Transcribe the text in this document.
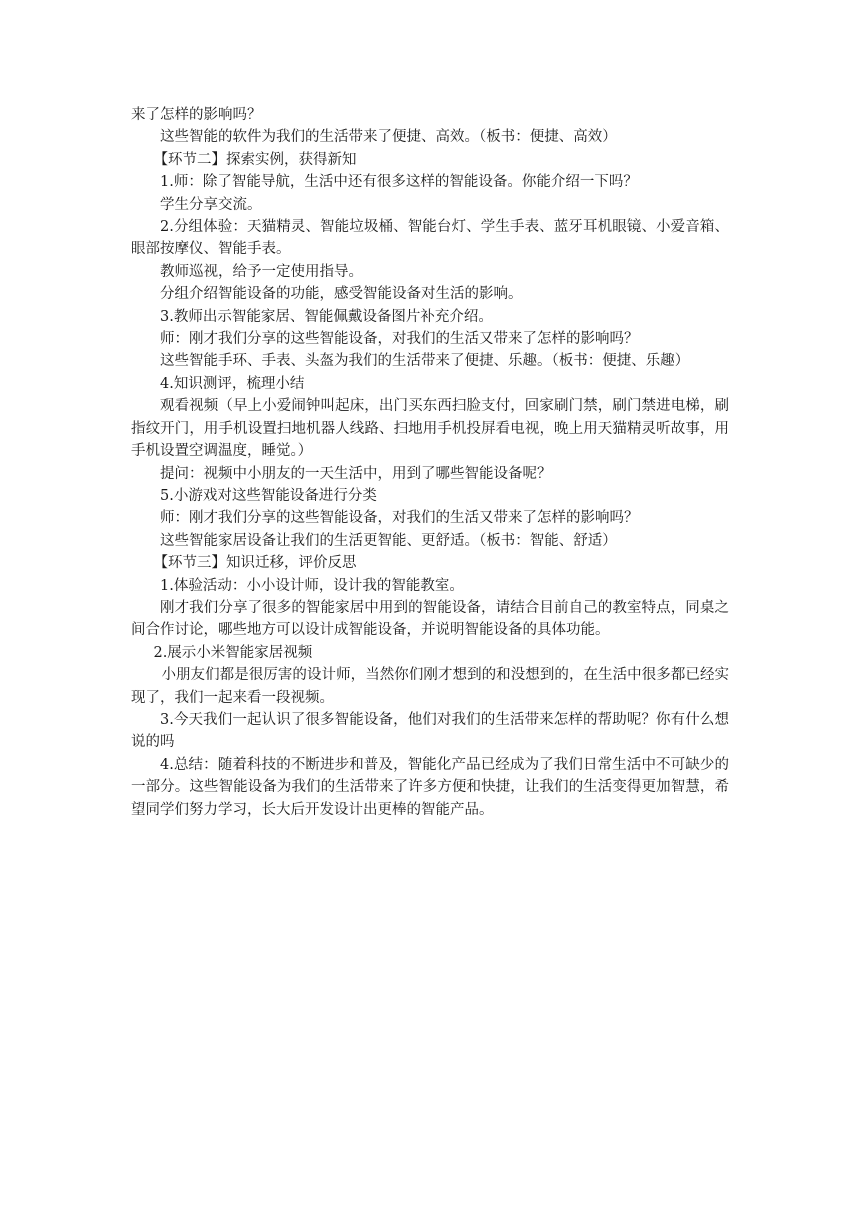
来了怎样的影响吗？

这些智能的软件为我们的生活带来了便捷、高效。（板书：便捷、高效）

【环节二】探索实例，获得新知

1.师：除了智能导航，生活中还有很多这样的智能设备。你能介绍一下吗？

学生分享交流。

2.分组体验：天猫精灵、智能垃圾桶、智能台灯、学生手表、蓝牙耳机眼镜、小爱音箱、眼部按摩仪、智能手表。

教师巡视，给予一定使用指导。

分组介绍智能设备的功能，感受智能设备对生活的影响。

3.教师出示智能家居、智能佩戴设备图片补充介绍。

师：刚才我们分享的这些智能设备，对我们的生活又带来了怎样的影响吗？

这些智能手环、手表、头盔为我们的生活带来了便捷、乐趣。（板书：便捷、乐趣）

4.知识测评，梳理小结

观看视频（早上小爱闹钟叫起床，出门买东西扫脸支付，回家刷门禁，刷门禁进电梯，刷指纹开门，用手机设置扫地机器人线路、扫地用手机投屏看电视，晚上用天猫精灵听故事，用手机设置空调温度，睡觉。）

提问：视频中小朋友的一天生活中，用到了哪些智能设备呢？

5.小游戏对这些智能设备进行分类

师：刚才我们分享的这些智能设备，对我们的生活又带来了怎样的影响吗？

这些智能家居设备让我们的生活更智能、更舒适。（板书：智能、舒适）

【环节三】知识迁移，评价反思

1.体验活动：小小设计师，设计我的智能教室。

刚才我们分享了很多的智能家居中用到的智能设备，请结合目前自己的教室特点，同桌之间合作讨论，哪些地方可以设计成智能设备，并说明智能设备的具体功能。

2.展示小米智能家居视频

小朋友们都是很厉害的设计师，当然你们刚才想到的和没想到的，在生活中很多都已经实现了，我们一起来看一段视频。

3.今天我们一起认识了很多智能设备，他们对我们的生活带来怎样的帮助呢？你有什么想说的吗

4.总结：随着科技的不断进步和普及，智能化产品已经成为了我们日常生活中不可缺少的一部分。这些智能设备为我们的生活带来了许多方便和快捷，让我们的生活变得更加智慧，希望同学们努力学习，长大后开发设计出更棒的智能产品。
